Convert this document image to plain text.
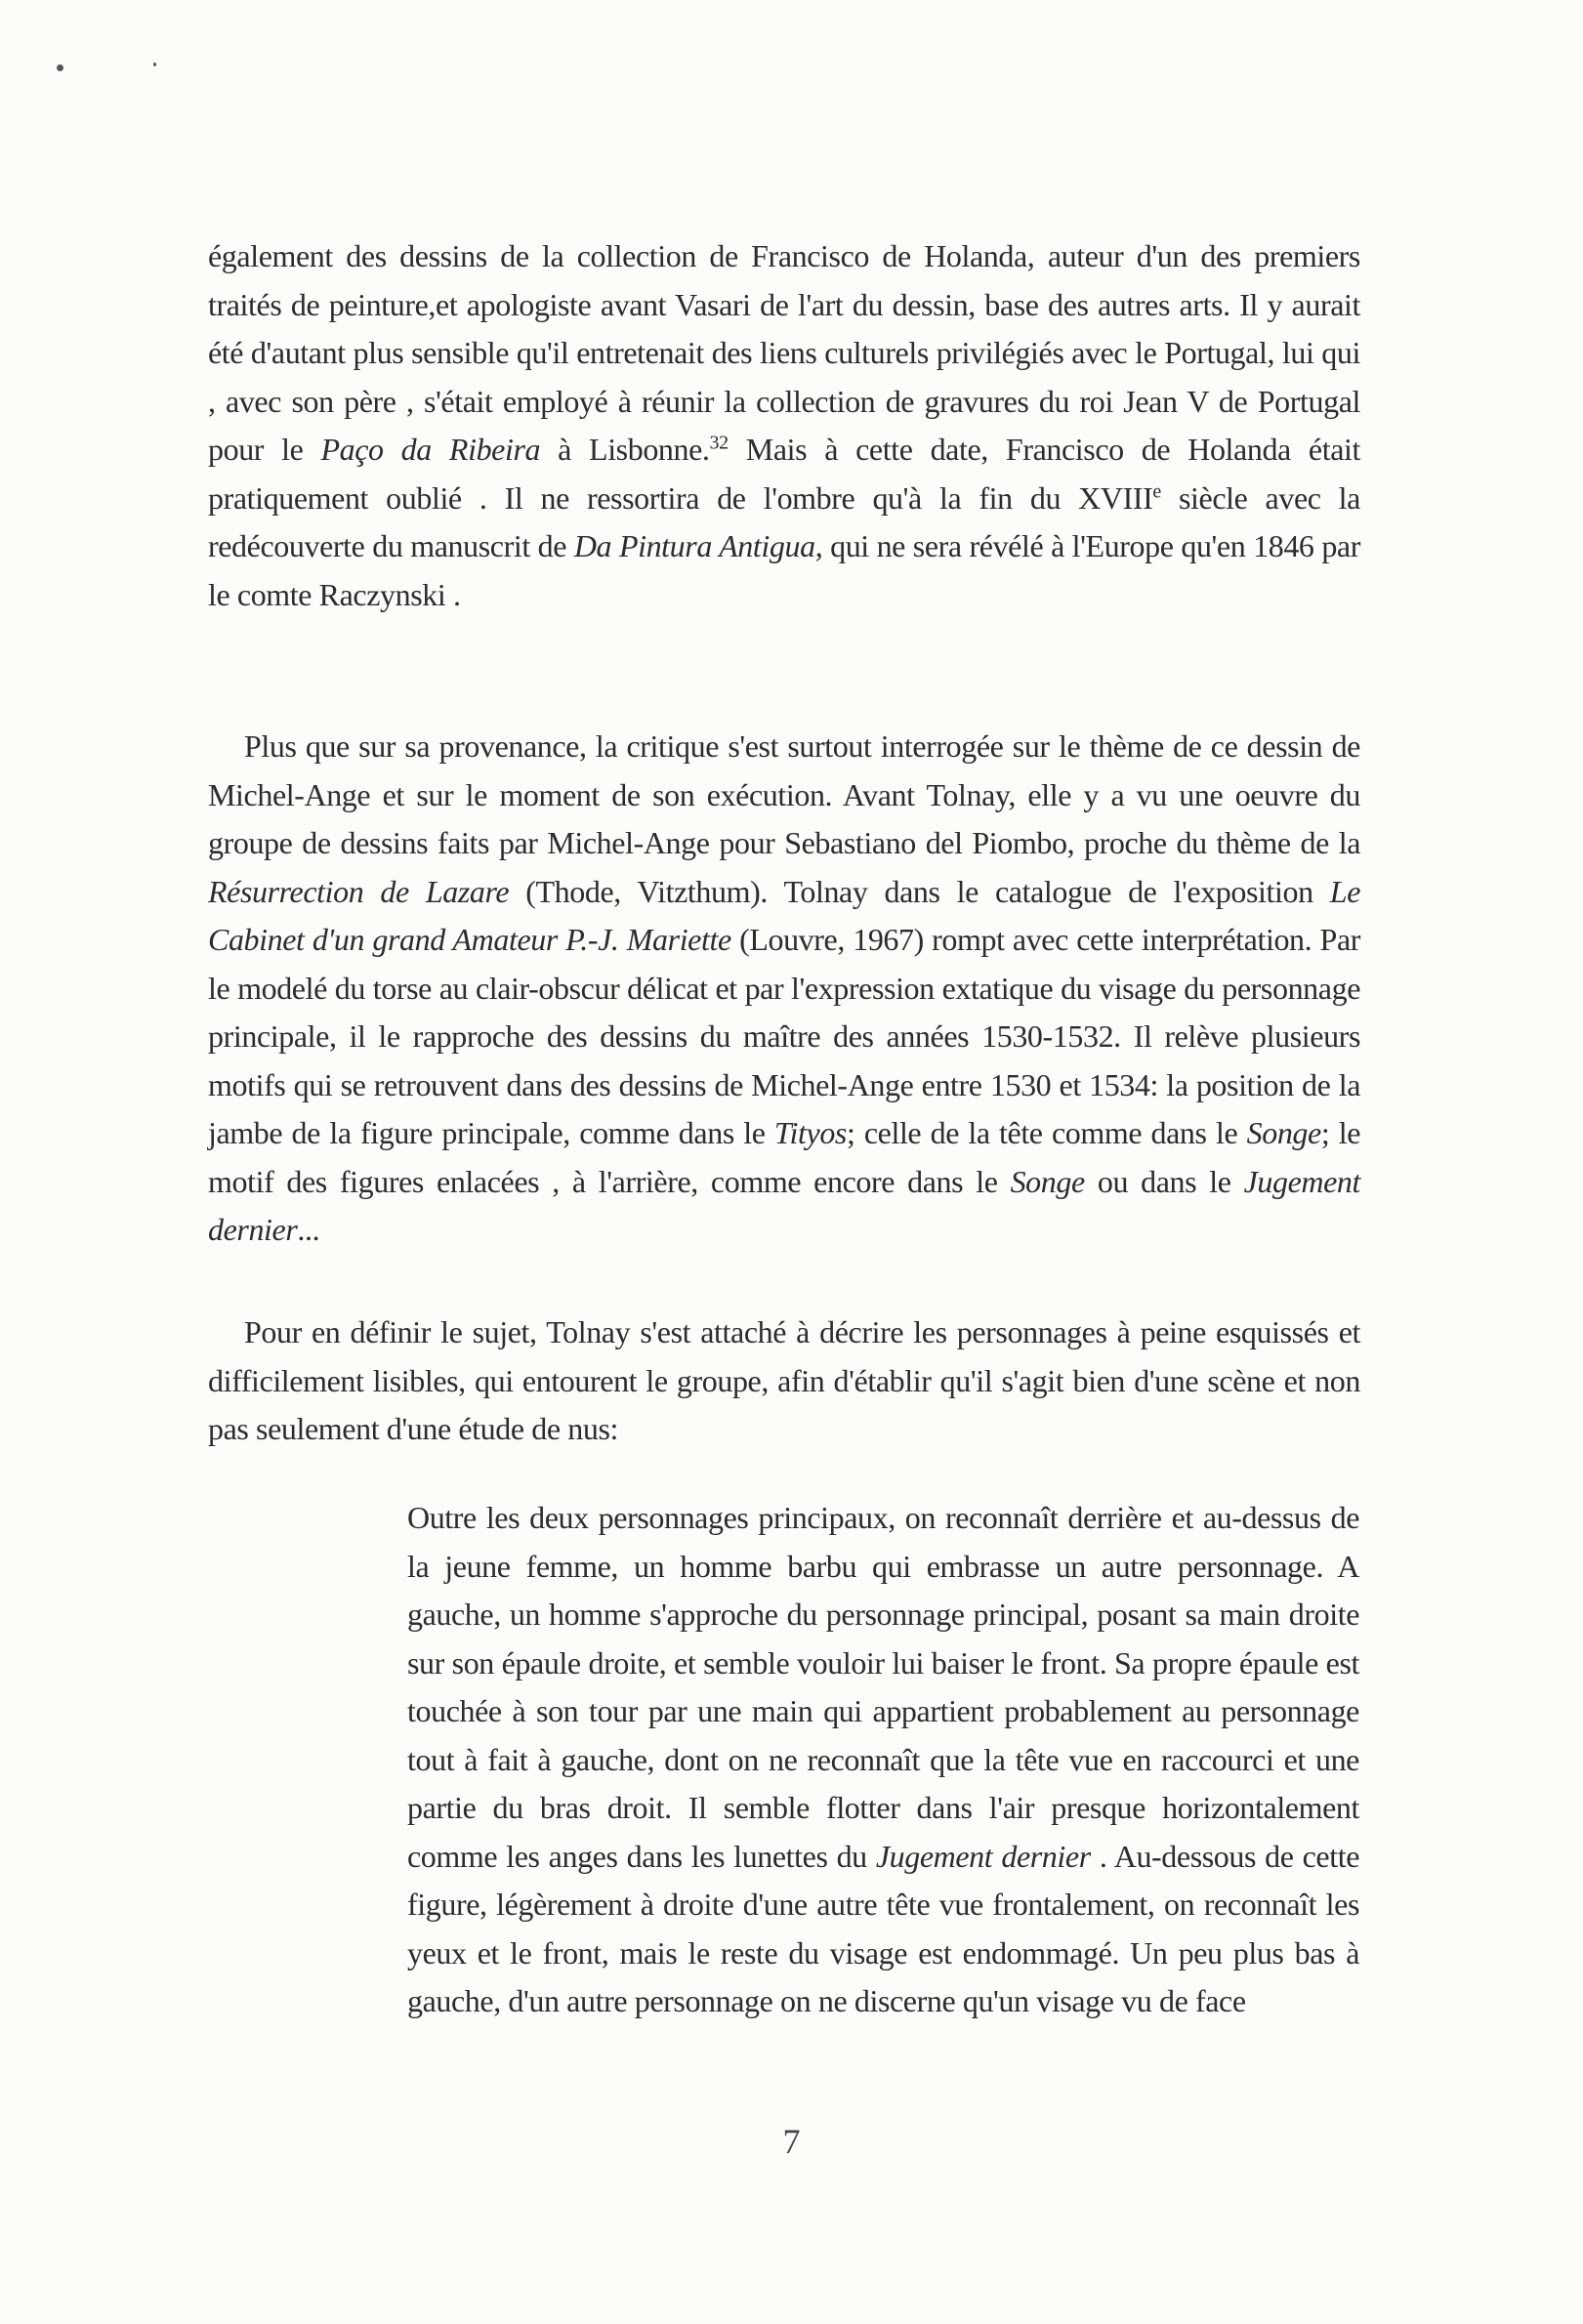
également des dessins de la collection de Francisco de Holanda, auteur d'un des premiers traités de peinture,et apologiste avant Vasari de l'art du dessin, base des autres arts. Il y aurait été d'autant plus sensible qu'il entretenait des liens culturels privilégiés avec le Portugal, lui qui , avec son père , s'était employé à réunir la collection de gravures du roi Jean V de Portugal pour le Paço da Ribeira à Lisbonne.$^{32}$ Mais à cette date, Francisco de Holanda était pratiquement oublié . Il ne ressortira de l'ombre qu'à la fin du XVIIIe siècle avec la redécouverte du manuscrit de Da Pintura Antigua, qui ne sera révélé à l'Europe qu'en 1846 par le comte Raczynski .

Plus que sur sa provenance, la critique s'est surtout interrogée sur le thème de ce dessin de Michel-Ange et sur le moment de son exécution. Avant Tolnay, elle y a vu une oeuvre du groupe de dessins faits par Michel-Ange pour Sebastiano del Piombo, proche du thème de la Résurrection de Lazare (Thode, Vitzthum). Tolnay dans le catalogue de l'exposition Le Cabinet d'un grand Amateur P.-J. Mariette (Louvre, 1967) rompt avec cette interprétation. Par le modelé du torse au clair-obscur délicat et par l'expression extatique du visage du personnage principale, il le rapproche des dessins du maître des années 1530-1532. Il relève plusieurs motifs qui se retrouvent dans des dessins de Michel-Ange entre 1530 et 1534: la position de la jambe de la figure principale, comme dans le Tityos; celle de la tête comme dans le Songe; le motif des figures enlacées , à l'arrière, comme encore dans le Songe ou dans le Jugement dernier...

Pour en définir le sujet, Tolnay s'est attaché à décrire les personnages à peine esquissés et difficilement lisibles, qui entourent le groupe, afin d'établir qu'il s'agit bien d'une scène et non pas seulement d'une étude de nus:

Outre les deux personnages principaux, on reconnaît derrière et au-dessus de la jeune femme, un homme barbu qui embrasse un autre personnage. A gauche, un homme s'approche du personnage principal, posant sa main droite sur son épaule droite, et semble vouloir lui baiser le front. Sa propre épaule est touchée à son tour par une main qui appartient probablement au personnage tout à fait à gauche, dont on ne reconnaît que la tête vue en raccourci et une partie du bras droit. Il semble flotter dans l'air presque horizontalement comme les anges dans les lunettes du Jugement dernier . Au-dessous de cette figure, légèrement à droite d'une autre tête vue frontalement, on reconnaît les yeux et le front, mais le reste du visage est endommagé. Un peu plus bas à gauche, d'un autre personnage on ne discerne qu'un visage vu de face

7
